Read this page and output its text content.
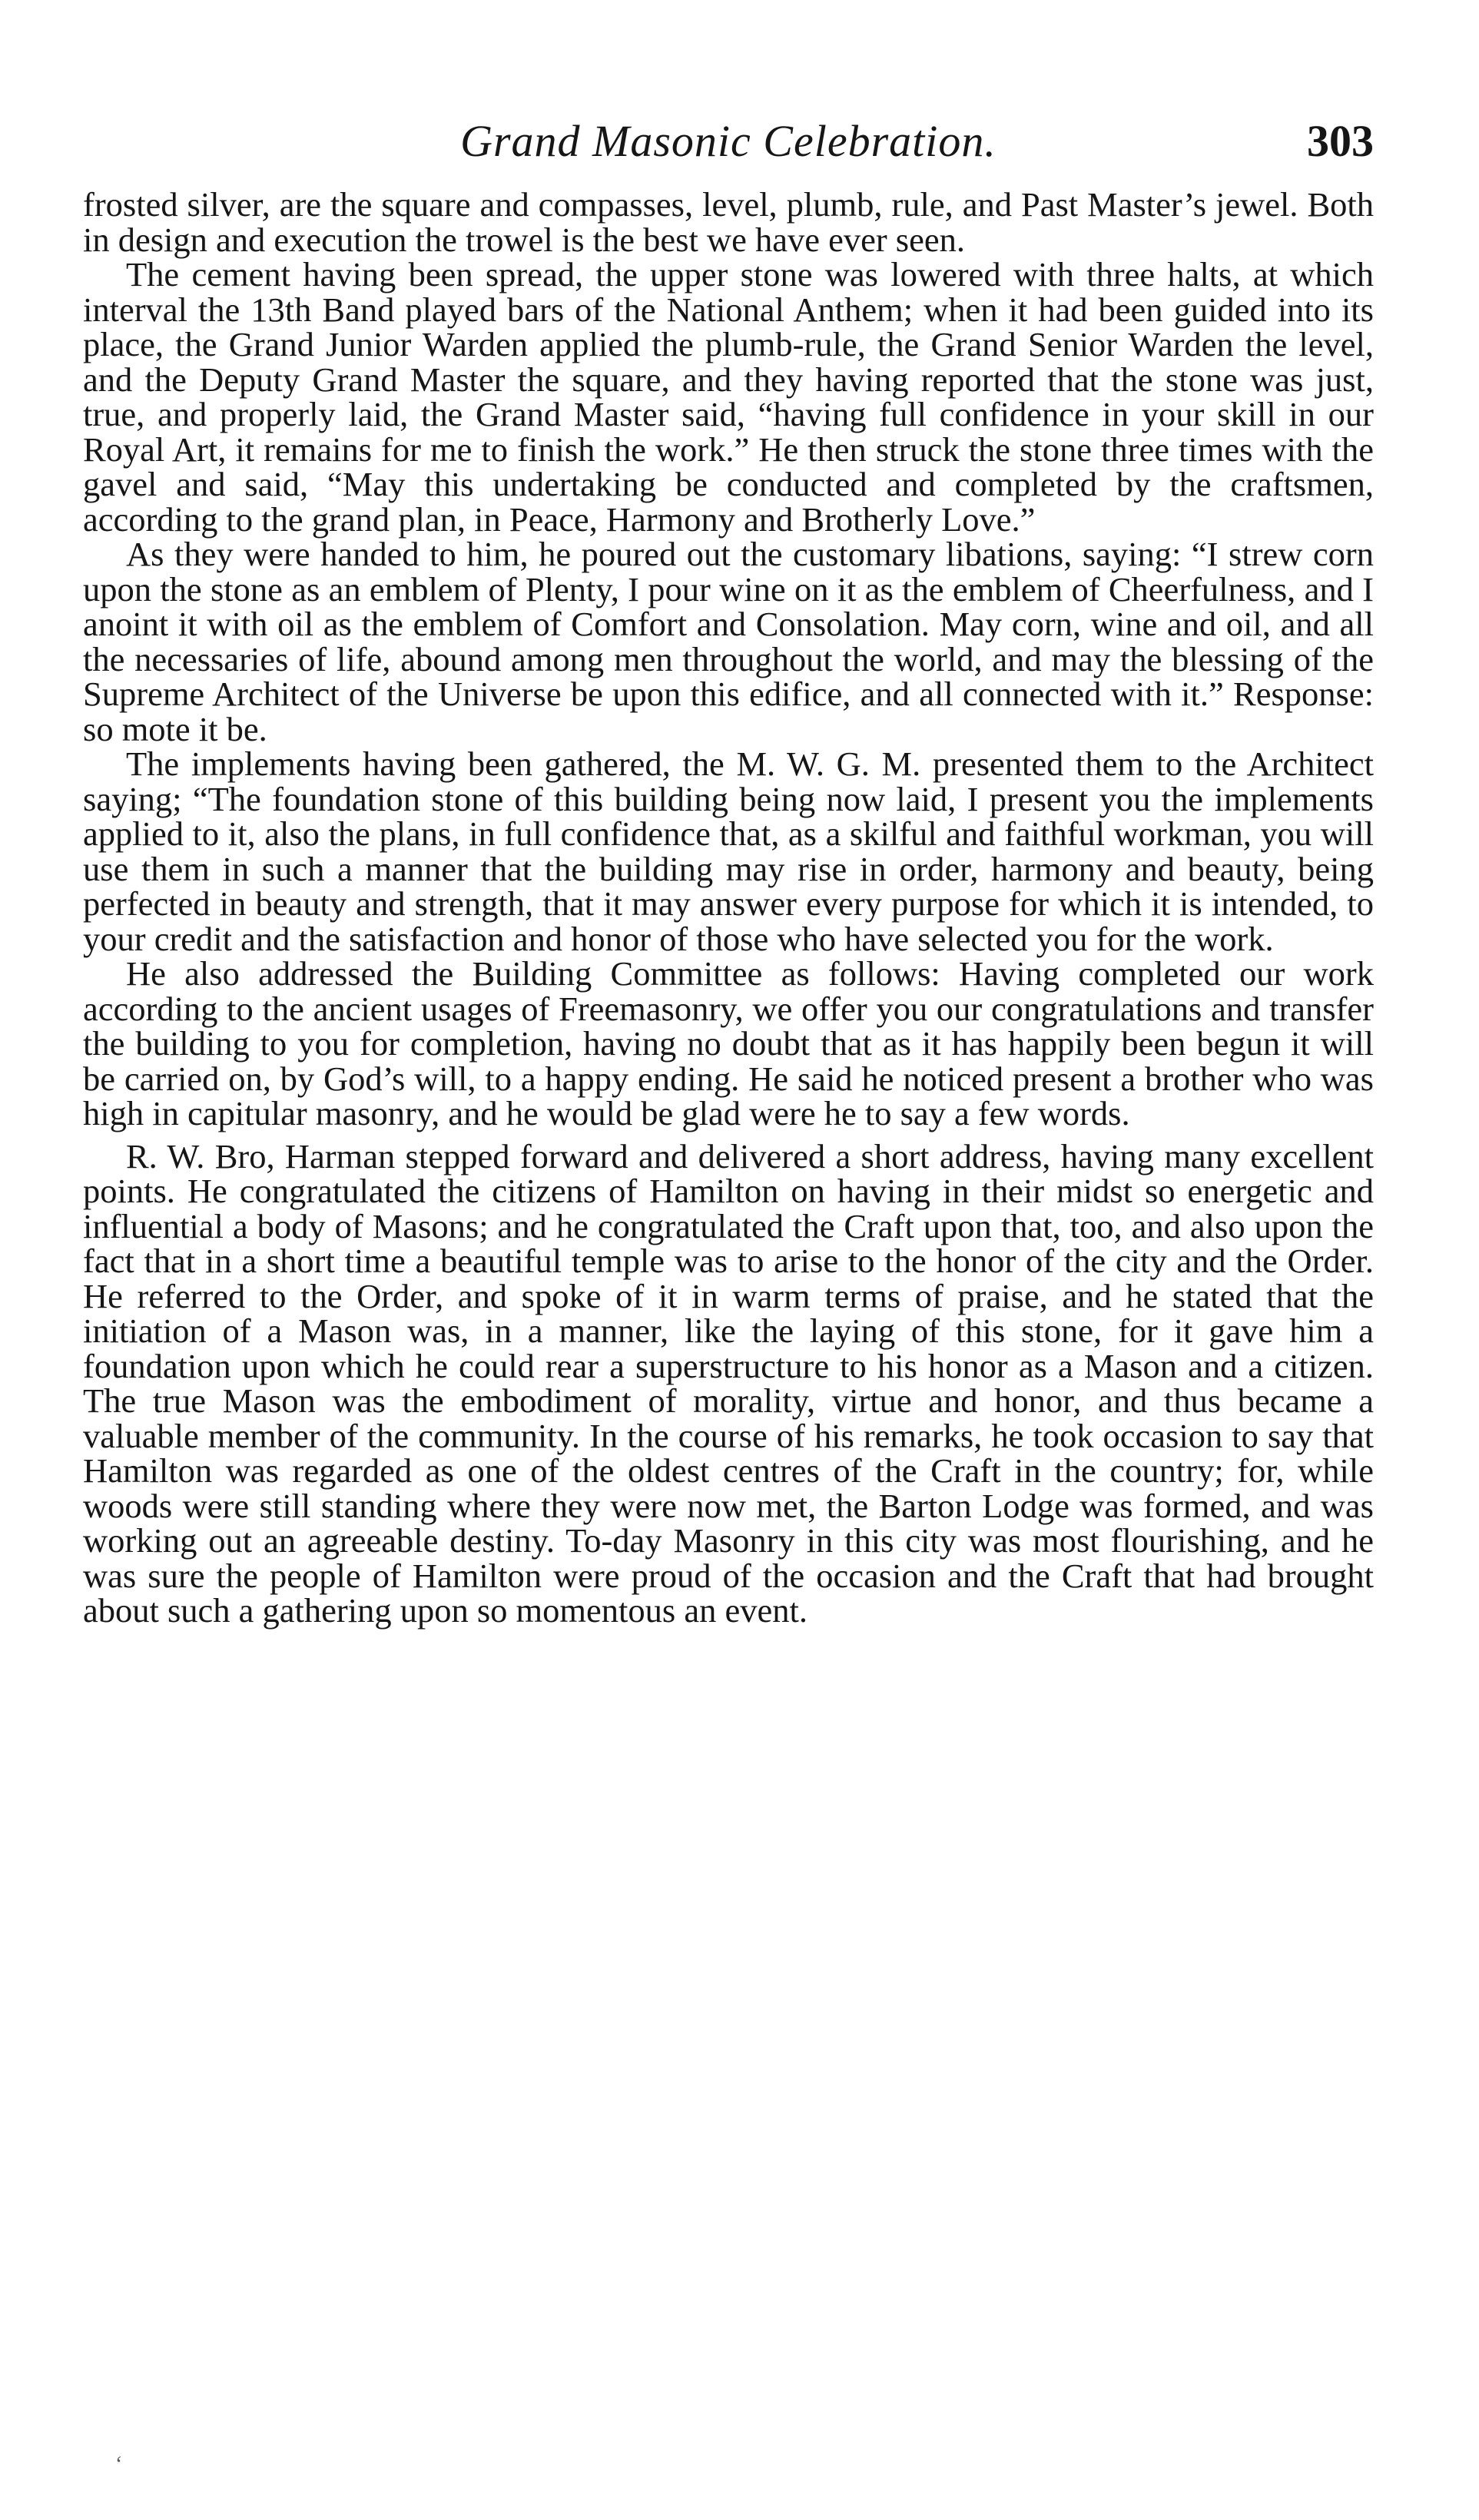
Grand Masonic Celebration.	303

frosted silver, are the square and compasses, level, plumb, rule, and Past Master’s jewel. Both in design and execution the trowel is the best we have ever seen.

The cement having been spread, the upper stone was lowered with three halts, at which interval the 13th Band played bars of the National Anthem; when it had been guided into its place, the Grand Junior Warden applied the plumb-rule, the Grand Senior Warden the level, and the Deputy Grand Master the square, and they having reported that the stone was just, true, and properly laid, the Grand Master said, “having full confidence in your skill in our Royal Art, it remains for me to finish the work.” He then struck the stone three times with the gavel and said, “May this undertaking be conducted and completed by the craftsmen, according to the grand plan, in Peace, Harmony and Brotherly Love.”

As they were handed to him, he poured out the customary libations, saying: “I strew corn upon the stone as an emblem of Plenty, I pour wine on it as the emblem of Cheerfulness, and I anoint it with oil as the emblem of Comfort and Consolation. May corn, wine and oil, and all the necessaries of life, abound among men throughout the world, and may the blessing of the Supreme Architect of the Universe be upon this edifice, and all connected with it.” Response: so mote it be.

The implements having been gathered, the M. W. G. M. presented them to the Architect saying; “The foundation stone of this building being now laid, I present you the implements applied to it, also the plans, in full confidence that, as a skilful and faithful workman, you will use them in such a manner that the building may rise in order, harmony and beauty, being perfected in beauty and strength, that it may answer every purpose for which it is intended, to your credit and the satisfaction and honor of those who have selected you for the work.

He also addressed the Building Committee as follows: Having completed our work according to the ancient usages of Freemasonry, we offer you our congratulations and transfer the building to you for completion, having no doubt that as it has happily been begun it will be carried on, by God’s will, to a happy ending. He said he noticed present a brother who was high in capitular masonry, and he would be glad were he to say a few words.

R. W. Bro, Harman stepped forward and delivered a short address, having many excellent points. He congratulated the citizens of Hamilton on having in their midst so energetic and influential a body of Masons; and he congratulated the Craft upon that, too, and also upon the fact that in a short time a beautiful temple was to arise to the honor of the city and the Order. He referred to the Order, and spoke of it in warm terms of praise, and he stated that the initiation of a Mason was, in a manner, like the laying of this stone, for it gave him a foundation upon which he could rear a superstructure to his honor as a Mason and a citizen. The true Mason was the embodiment of morality, virtue and honor, and thus became a valuable member of the community. In the course of his remarks, he took occasion to say that Hamilton was regarded as one of the oldest centres of the Craft in the country; for, while woods were still standing where they were now met, the Barton Lodge was formed, and was working out an agreeable destiny. To-day Masonry in this city was most flourishing, and he was sure the people of Hamilton were proud of the occasion and the Craft that had brought about such a gathering upon so momentous an event.

‘
